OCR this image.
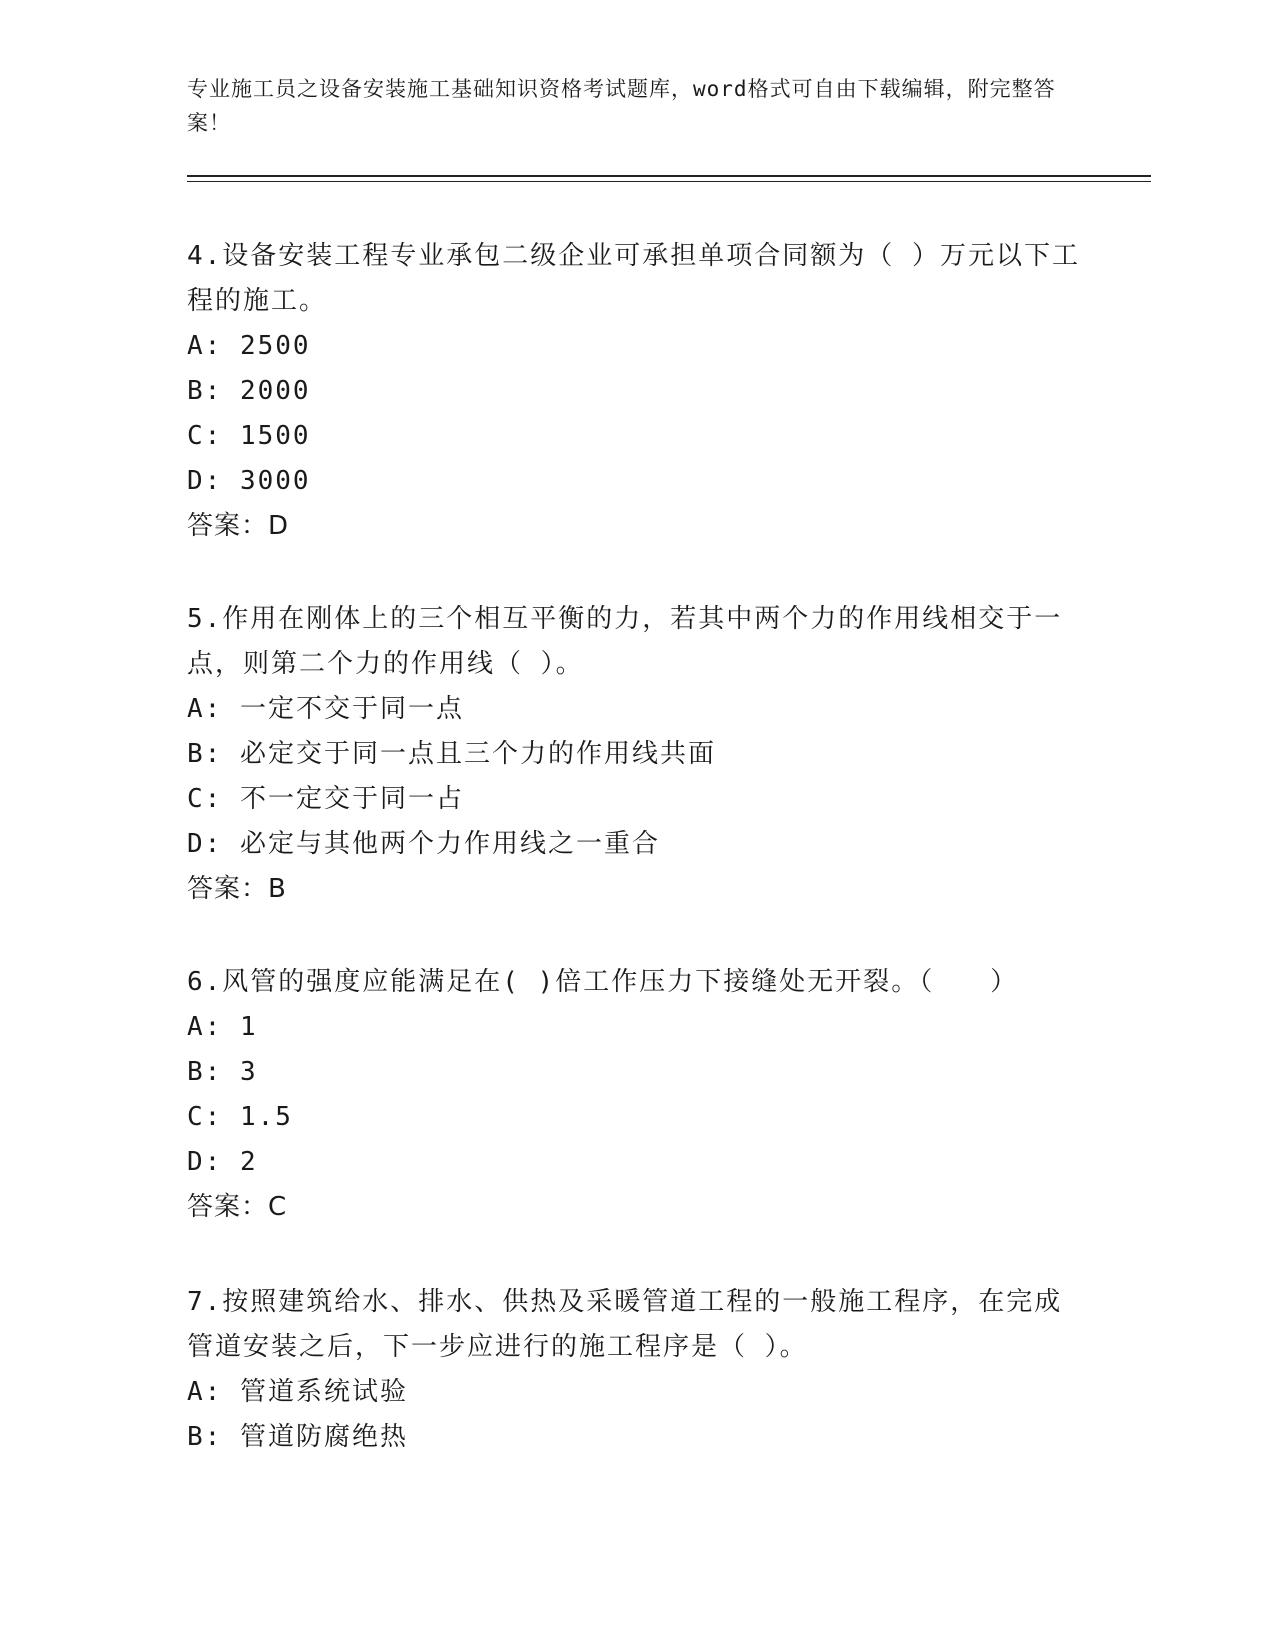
专业施工员之设备安装施工基础知识资格考试题库，word格式可自由下载编辑，附完整答案！

4.设备安装工程专业承包二级企业可承担单项合同额为（ ）万元以下工程的施工。

A: 2500

B: 2000

C: 1500

D: 3000

答案：D

5.作用在刚体上的三个相互平衡的力，若其中两个力的作用线相交于一点，则第二个力的作用线（ ）。

A: 一定不交于同一点

B: 必定交于同一点且三个力的作用线共面

C: 不一定交于同一占

D: 必定与其他两个力作用线之一重合

答案：B

6.风管的强度应能满足在( )倍工作压力下接缝处无开裂。（　　）

A: 1

B: 3

C: 1.5

D: 2

答案：C

7.按照建筑给水、排水、供热及采暖管道工程的一般施工程序，在完成管道安装之后，下一步应进行的施工程序是（ ）。

A: 管道系统试验

B: 管道防腐绝热
